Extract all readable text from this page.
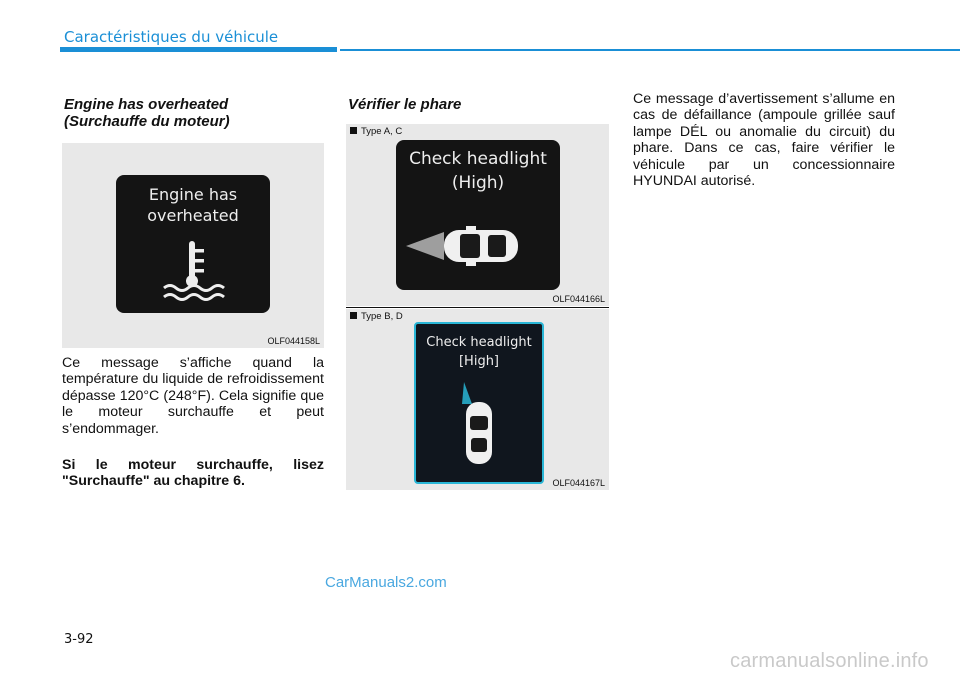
Caractéristiques du véhicule
Engine has overheated
(Surchauffe du moteur)
Engine has
overheated
OLF044158L
Ce message s’affiche quand la température du liquide de refroidissement dépasse 120°C (248°F). Cela signifie que le moteur surchauffe et peut s’endommager.
Si le moteur surchauffe, lisez "Surchauffe" au chapitre 6.
Vérifier le phare
Type A, C
Check headlight
(High)
OLF044166L
Type B, D
Check headlight
[High]
OLF044167L
Ce message d’avertissement s’allume en cas de défaillance (ampoule grillée sauf lampe DÉL ou anomalie du circuit) du phare. Dans ce cas, faire vérifier le véhicule par un concessionnaire HYUNDAI autorisé.
3-92
CarManuals2.com
carmanualsonline.info
